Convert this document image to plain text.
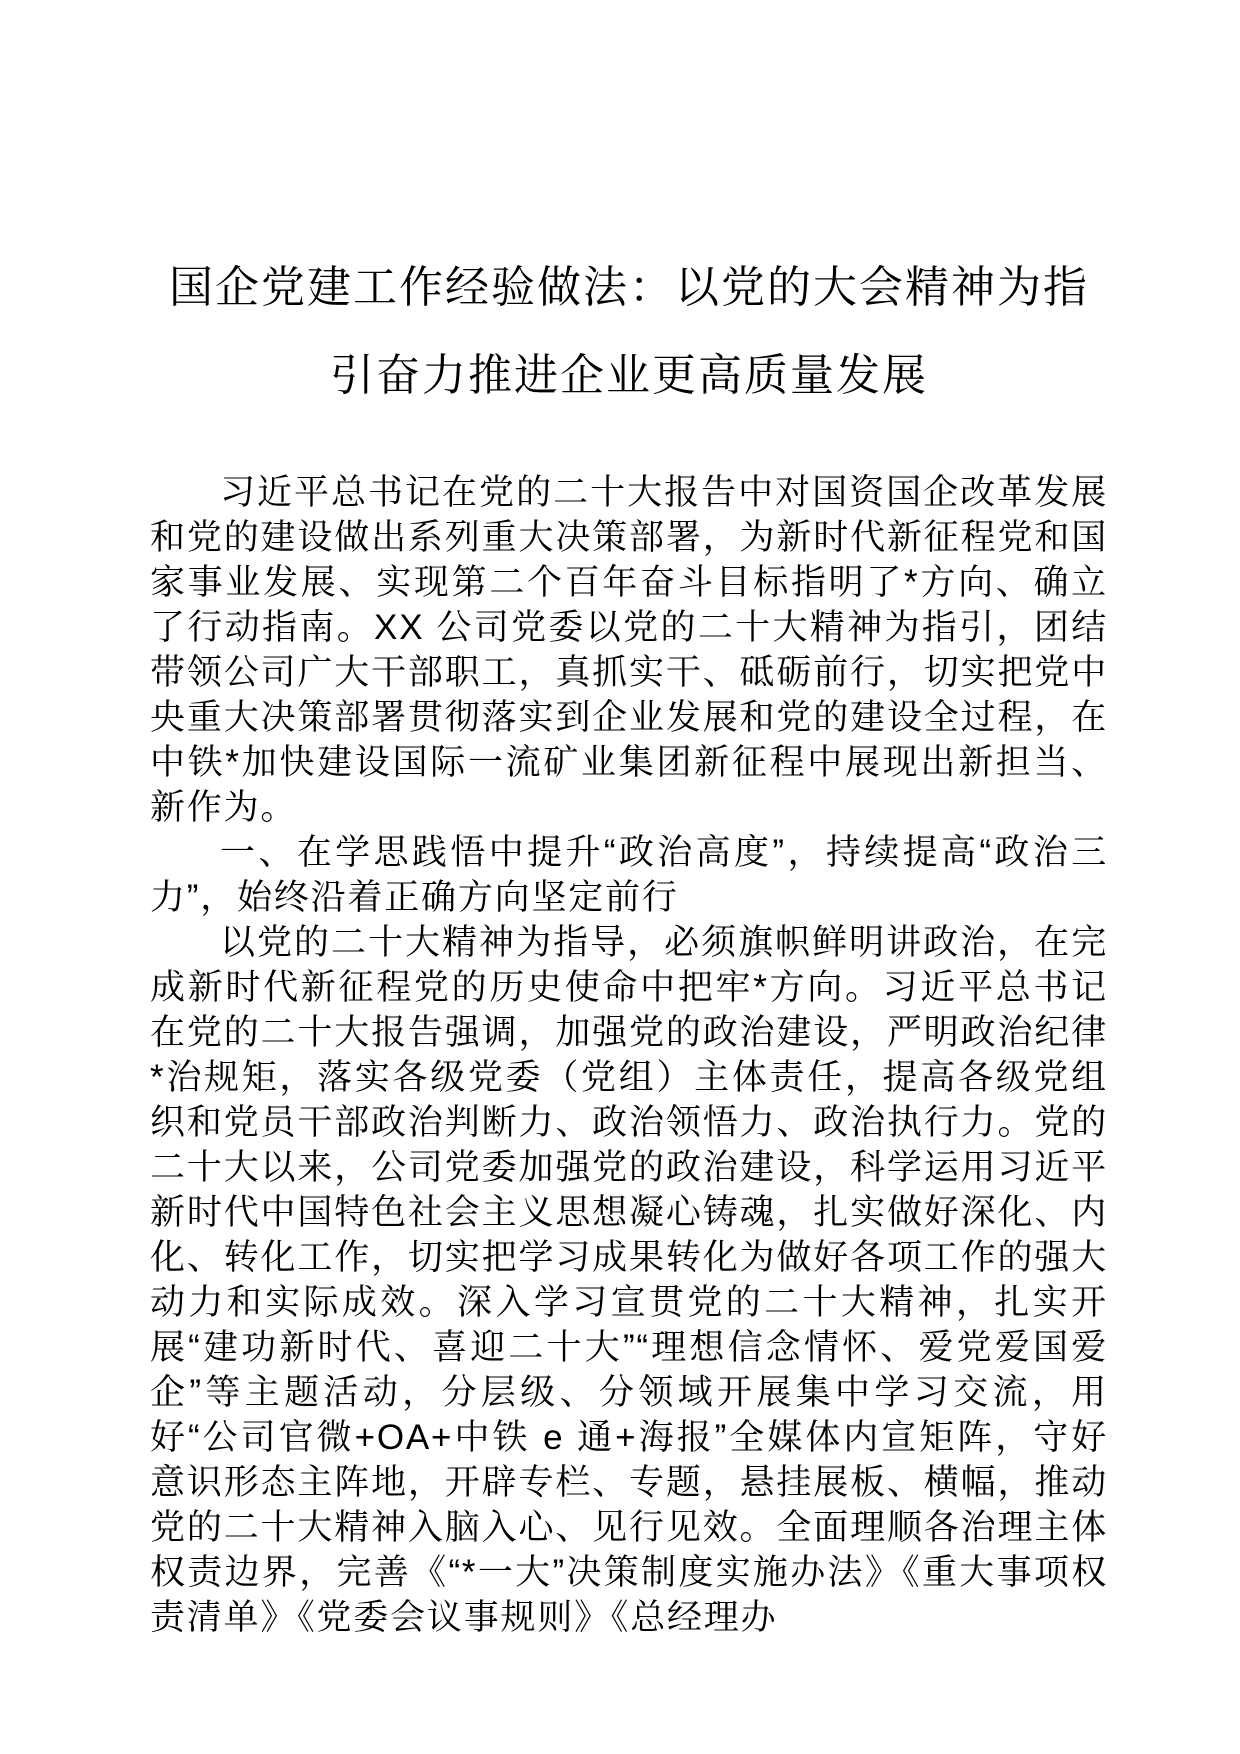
国企党建工作经验做法：以党的大会精神为指引奋力推进企业更高质量发展

习近平总书记在党的二十大报告中对国资国企改革发展和党的建设做出系列重大决策部署，为新时代新征程党和国家事业发展、实现第二个百年奋斗目标指明了*方向、确立了行动指南。XX 公司党委以党的二十大精神为指引，团结带领公司广大干部职工，真抓实干、砥砺前行，切实把党中央重大决策部署贯彻落实到企业发展和党的建设全过程，在中铁*加快建设国际一流矿业集团新征程中展现出新担当、新作为。

一、在学思践悟中提升“政治高度”，持续提高“政治三力”，始终沿着正确方向坚定前行

以党的二十大精神为指导，必须旗帜鲜明讲政治，在完成新时代新征程党的历史使命中把牢*方向。习近平总书记在党的二十大报告强调，加强党的政治建设，严明政治纪律*治规矩，落实各级党委（党组）主体责任，提高各级党组织和党员干部政治判断力、政治领悟力、政治执行力。党的二十大以来，公司党委加强党的政治建设，科学运用习近平新时代中国特色社会主义思想凝心铸魂，扎实做好深化、内化、转化工作，切实把学习成果转化为做好各项工作的强大动力和实际成效。深入学习宣贯党的二十大精神，扎实开展“建功新时代、喜迎二十大”“理想信念情怀、爱党爱国爱企”等主题活动，分层级、分领域开展集中学习交流，用好“公司官微+OA+中铁 e 通+海报”全媒体内宣矩阵，守好意识形态主阵地，开辟专栏、专题，悬挂展板、横幅，推动党的二十大精神入脑入心、见行见效。全面理顺各治理主体权责边界，完善《“*一大”决策制度实施办法》《重大事项权责清单》《党委会议事规则》《总经理办
